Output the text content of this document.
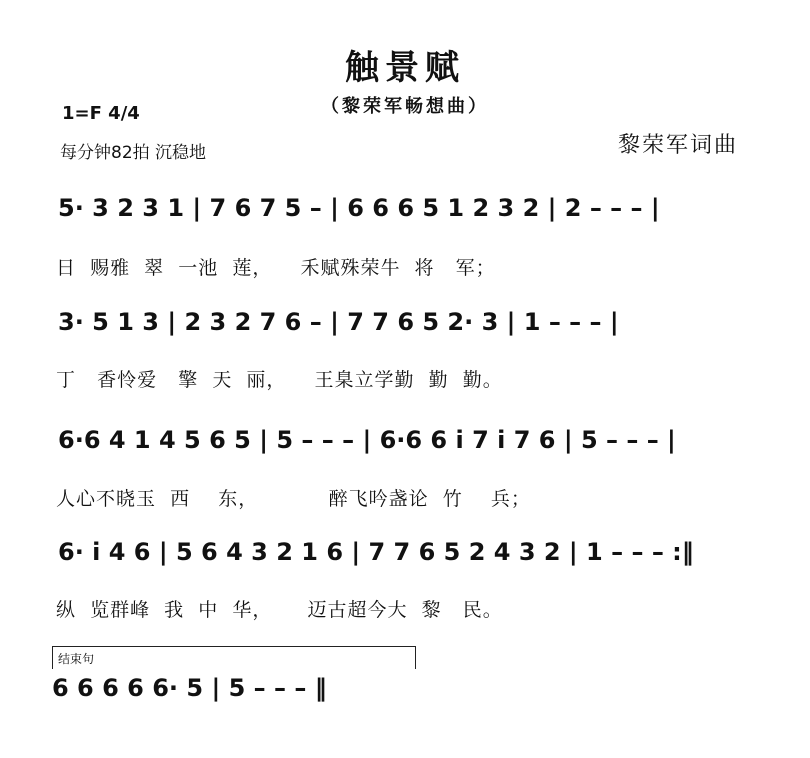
触景赋
（黎荣军畅想曲）
1=F 4/4
每分钟82拍 沉稳地	黎荣军词曲
5· 3 2 3 1 | 7 6 7 5 – | 6 6 6 5 1 2 3 2 | 2 – – – |
日  赐雅  翠  一池  莲，    禾赋殊荣牛  将   军；
3· 5 1 3 | 2 3 2 7 6 – | 7 7 6 5 2· 3 | 1 – – – |
丁   香怜爱   擎  天  丽，    王臬立学勤  勤  勤。
6·6 4 1 4 5 6 5 | 5 – – – | 6·6 6 i 7 i 7 6 | 5 – – – |
人心不晓玉  西    东，          醉飞吟盏论  竹    兵；
6· i 4 6 | 5 6 4 3 2 1 6 | 7 7 6 5 2 4 3 2 | 1 – – – :‖
纵  览群峰  我  中  华，     迈古超今大  黎   民。
结束句
6 6 6 6 6· 5 | 5 – – – ‖
